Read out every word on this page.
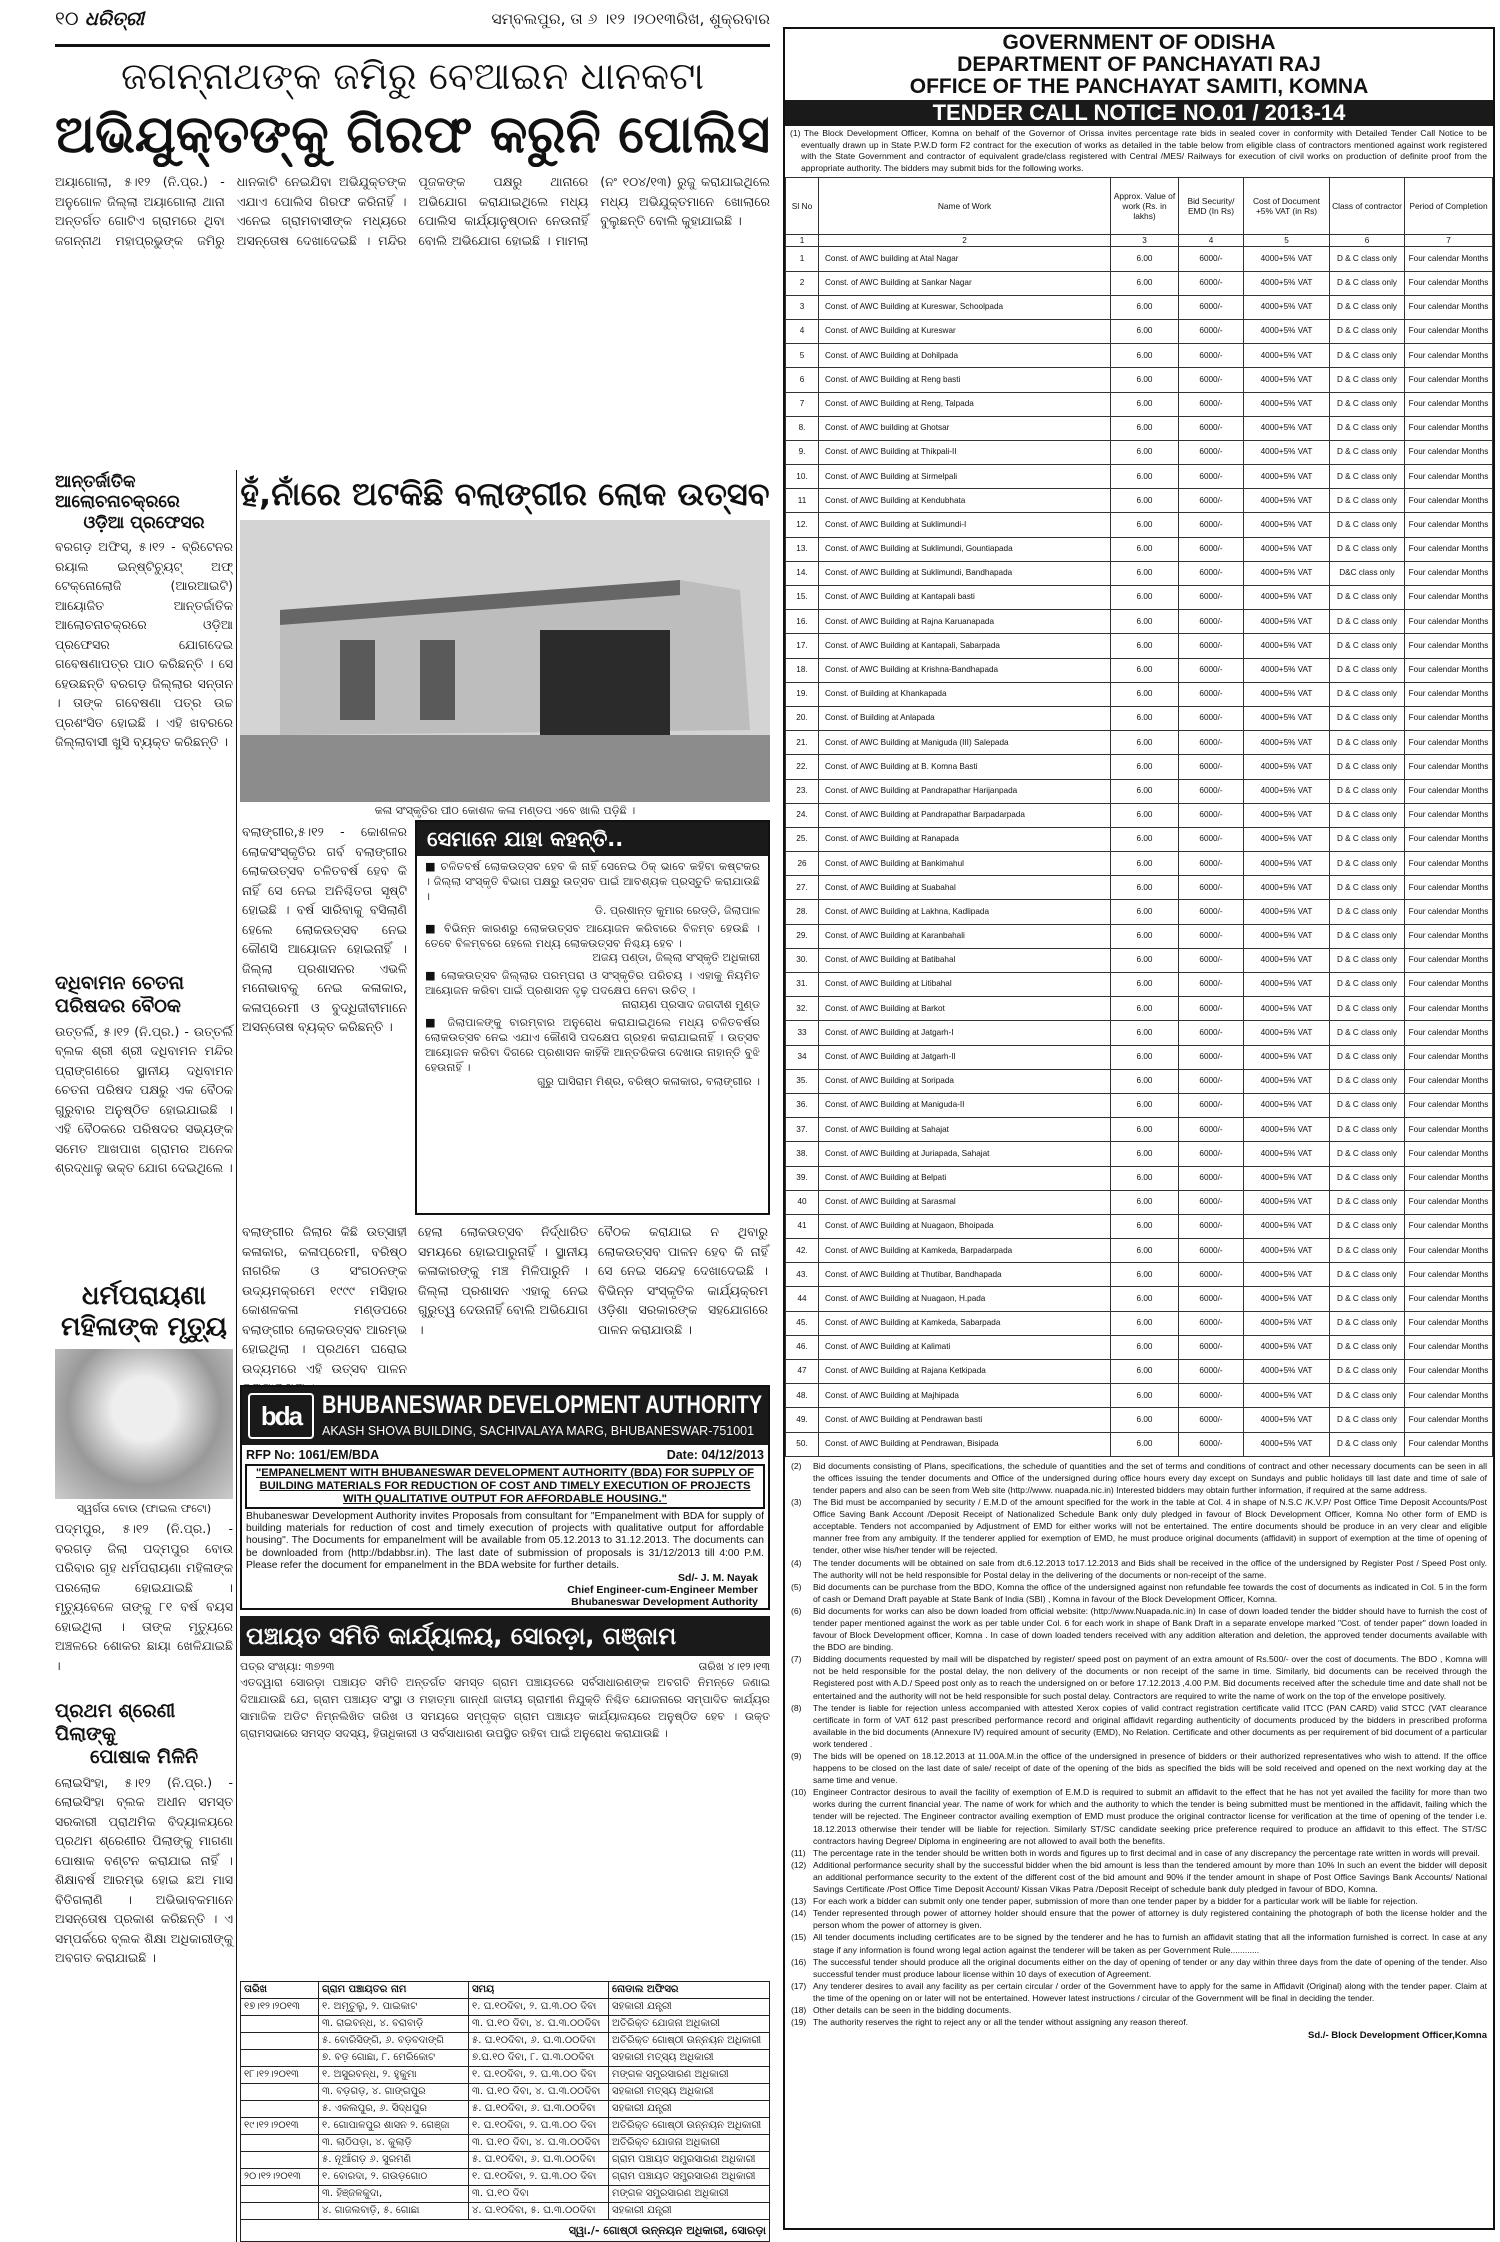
୧୦ ଧରିତ୍ରୀ	ସମ୍ବଲପୁର, ତା ୬ ।୧୨ ।୨୦୧୩ରିଖ, ଶୁକ୍ରବାର
ଜଗନ୍ନାଥଙ୍କ ଜମିରୁ ବେଆଇନ ଧାନକଟା
ଅଭିଯୁକ୍ତଙ୍କୁ ଗିରଫ କରୁନି ପୋଲିସ
ଅୟାଗୋଲା, ୫।୧୨ (ନି.ପ୍ର.) - ଅନୁଗୋଳ ଜିଲ୍ଲା ଅୟାଗୋଲା ଥାନା ଅନ୍ତର୍ଗତ ଗୋଟିଏ ଗ୍ରାମରେ ଥିବା ଜଗନ୍ନାଥ ମହାପ୍ରଭୁଙ୍କ ଜମିରୁ ଧାନକାଟି ନେଇଯିବା ଅଭିଯୁକ୍ତଙ୍କ ଏଯାଏ ପୋଲିସ ଗିରଫ କରିନାହିଁ । ଏନେଇ ଗ୍ରାମବାସୀଙ୍କ ମଧ୍ୟରେ ଅସନ୍ତୋଷ ଦେଖାଦେଇଛି । ମନ୍ଦିର ପୂଜକଙ୍କ ପକ୍ଷରୁ ଥାନାରେ ଅଭିଯୋଗ କରାଯାଇଥିଲେ ମଧ୍ୟ ପୋଲିସ କାର୍ଯ୍ୟାନୁଷ୍ଠାନ ନେଉନାହିଁ ବୋଲି ଅଭିଯୋଗ ହୋଇଛି । ମାମଲା (ନଂ ୧୦୪/୧୩) ରୁଜୁ କରାଯାଇଥିଲେ ମଧ୍ୟ ଅଭିଯୁକ୍ତମାନେ ଖୋଲାରେ ବୁଲୁଛନ୍ତି ବୋଲି କୁହାଯାଇଛି ।
ଆନ୍ତର୍ଜାତିକ ଆଲୋଚନାଚକ୍ରରେ
ଓଡ଼ିଆ ପ୍ରଫେସର
ବରଗଡ଼ ଅଫିସ୍, ୫।୧୨ - ବ୍ରିଟେନର ରୟାଲ ଇନ୍‌ଷ୍ଟିଚ୍ୟୁଟ୍ ଅଫ୍ ଟେକ୍ନୋଲୋଜି (ଆରଆଇଟି) ଆୟୋଜିତ ଆନ୍ତର୍ଜାତିକ ଆଲୋଚନାଚକ୍ରରେ ଓଡ଼ିଆ ପ୍ରଫେସର ଯୋଗଦେଇ ଗବେଷଣାପତ୍ର ପାଠ କରିଛନ୍ତି । ସେ ହେଉଛନ୍ତି ବରଗଡ଼ ଜିଲ୍ଲାର ସନ୍ତାନ । ତାଙ୍କ ଗବେଷଣା ପତ୍ର ଉଚ୍ଚ ପ୍ରଶଂସିତ ହୋଇଛି । ଏହି ଖବରରେ ଜିଲ୍ଲାବାସୀ ଖୁସି ବ୍ୟକ୍ତ କରିଛନ୍ତି ।
ଦଧିବାମନ ଚେତନା ପରିଷଦର ବୈଠକ
ଉତ୍ତର୍ଲି, ୫।୧୨ (ନି.ପ୍ର.) - ଉତ୍ତର୍ଲି ବ୍ଲକ ଶ୍ରୀ ଶ୍ରୀ ଦଧିବାମନ ମନ୍ଦିର ପ୍ରାଙ୍ଗଣରେ ସ୍ଥାନୀୟ ଦଧିବାମନ ଚେତନା ପରିଷଦ ପକ୍ଷରୁ ଏକ ବୈଠକ ଗୁରୁବାର ଅନୁଷ୍ଠିତ ହୋଇଯାଇଛି । ଏହି ବୈଠକରେ ପରିଷଦର ସଭ୍ୟଙ୍କ ସମେତ ଆଖପାଖ ଗ୍ରାମର ଅନେକ ଶ୍ରଦ୍ଧାଳୁ ଭକ୍ତ ଯୋଗ ଦେଇଥିଲେ ।
ଧର୍ମପରାୟଣା ମହିଳାଙ୍କ ମୃତ୍ୟୁ
ସ୍ୱର୍ଗତା ବୋଉ (ଫାଇଲ ଫଟୋ)
ପଦ୍ମପୁର, ୫।୧୨ (ନି.ପ୍ର.) - ବରଗଡ଼ ଜିଲା ପଦ୍ମପୁର ବୋଉ ପରିବାର ଗୃହ ଧର୍ମପରାୟଣା ମହିଳାଙ୍କ ପରଲୋକ ହୋଇଯାଇଛି । ମୃତ୍ୟୁବେଳେ ତାଙ୍କୁ ୮୧ ବର୍ଷ ବୟସ ହୋଇଥିଲା । ତାଙ୍କ ମୃତ୍ୟୁରେ ଅଞ୍ଚଳରେ ଶୋକର ଛାୟା ଖେଳିଯାଇଛି ।
ପ୍ରଥମ ଶ୍ରେଣୀ ପିଲାଙ୍କୁ
ପୋଷାକ ମିଳିନି
ଲୋଇସିଂହା, ୫।୧୨ (ନି.ପ୍ର.) - ଲୋଇସିଂହା ବ୍ଲକ ଅଧୀନ ସମସ୍ତ ସରକାରୀ ପ୍ରାଥମିକ ବିଦ୍ୟାଳୟରେ ପ୍ରଥମ ଶ୍ରେଣୀର ପିଲାଙ୍କୁ ମାଗଣା ପୋଷାକ ବଣ୍ଟନ କରାଯାଇ ନାହିଁ । ଶିକ୍ଷାବର୍ଷ ଆରମ୍ଭ ହୋଇ ଛଅ ମାସ ବିତିଗଲାଣି । ଅଭିଭାବକମାନେ ଅସନ୍ତୋଷ ପ୍ରକାଶ କରିଛନ୍ତି । ଏ ସମ୍ପର୍କରେ ବ୍ଲକ ଶିକ୍ଷା ଅଧିକାରୀଙ୍କୁ ଅବଗତ କରାଯାଇଛି ।
ହଁ,ନାଁରେ ଅଟକିଛି ବଲାଙ୍ଗୀର ଲୋକ ଉତ୍ସବ
କଳା ସଂସ୍କୃତିର ପୀଠ କୋଶଳ କଳା ମଣ୍ଡପ ଏବେ ଖାଲି ପଡ଼ିଛି ।
ବଲାଙ୍ଗୀର,୫।୧୨ - କୋଶଳର ଲୋକସଂସ୍କୃତିର ଗର୍ବ ବଲାଙ୍ଗୀର ଲୋକଉତ୍ସବ ଚଳିତବର୍ଷ ହେବ କି ନାହିଁ ସେ ନେଇ ଅନିଶ୍ଚିତତା ସୃଷ୍ଟି ହୋଇଛି । ବର୍ଷ ସାରିବାକୁ ବସିଲାଣି ହେଲେ ଲୋକଉତ୍ସବ ନେଇ କୌଣସି ଆୟୋଜନ ହୋଇନାହିଁ । ଜିଲ୍ଲା ପ୍ରଶାସନର ଏଭଳି ମନୋଭାବକୁ ନେଇ କଳାକାର, କଳାପ୍ରେମୀ ଓ ବୁଦ୍ଧିଜୀବୀମାନେ ଅସନ୍ତୋଷ ବ୍ୟକ୍ତ କରିଛନ୍ତି ।
ବଲାଙ୍ଗୀର ଜିଲାର କିଛି ଉତ୍ସାହୀ କଳାକାର, କଳାପ୍ରେମୀ, ବରିଷ୍ଠ ନାଗରିକ ଓ ସଂଗଠନଙ୍କ ଉଦ୍ୟମକ୍ରମେ ୧୯୯୯ ମସିହାର କୋଶଳକଳା ମଣ୍ଡପରେ ବଲାଙ୍ଗୀର ଲୋକଉତ୍ସବ ଆରମ୍ଭ ହୋଇଥିଲା । ପ୍ରଥମେ ଘରୋଇ ଉଦ୍ୟମରେ ଏହି ଉତ୍ସବ ପାଳନ
ହେଲା ଲୋକଉତ୍ସବ ନିର୍ଦ୍ଧାରିତ ସମୟରେ ହୋଇପାରୁନାହିଁ । ସ୍ଥାନୀୟ କଳାକାରଙ୍କୁ ମଞ୍ଚ ମିଳିପାରୁନି । ଜିଲ୍ଲା ପ୍ରଶାସନ ଏହାକୁ ନେଇ ଗୁରୁତ୍ୱ ଦେଉନାହିଁ ବୋଲି ଅଭିଯୋଗ ।
ବୈଠକ କରାଯାଇ ନ ଥିବାରୁ ଲୋକଉତ୍ସବ ପାଳନ ହେବ କି ନାହିଁ ସେ ନେଇ ସନ୍ଦେହ ଦେଖାଦେଇଛି । ବିଭିନ୍ନ ସଂସ୍କୃତିକ କାର୍ଯ୍ୟକ୍ରମ ଓଡ଼ିଶା ସରକାରଙ୍କ ସହଯୋଗରେ ପାଳନ କରାଯାଉଛି ।
ସେମାନେ ଯାହା କହନ୍ତି..
■ ଚଳିତବର୍ଷ ଲୋକଉତ୍ସବ ହେବ କି ନାହିଁ ସେନେଇ ଠିକ୍ ଭାବେ କହିବା କଷ୍ଟକର । ଜିଲ୍ଲା ସଂସ୍କୃତି ବିଭାଗ ପକ୍ଷରୁ ଉତ୍ସବ ପାଇଁ ଆବଶ୍ୟକ ପ୍ରସ୍ତୁତି କରାଯାଉଛି ।
ଡି. ପ୍ରଶାନ୍ତ କୁମାର ରେଡ୍ଡି, ଜିଲାପାଳ
■ ବିଭିନ୍ନ କାରଣରୁ ଲୋକଉତ୍ସବ ଆୟୋଜନ କରିବାରେ ବିଳମ୍ବ ହେଉଛି । ତେବେ ବିଳମ୍ବରେ ହେଲେ ମଧ୍ୟ ଲୋକଉତ୍ସବ ନିଶ୍ଚୟ ହେବ ।
ଅଜୟ ପଣ୍ଡା, ଜିଲ୍ଲା ସଂସ୍କୃତି ଅଧିକାରୀ
■ ଲୋକଉତ୍ସବ ଜିଲ୍ଲାର ପରମ୍ପରା ଓ ସଂସ୍କୃତିର ପରିଚୟ । ଏହାକୁ ନିୟମିତ ଆୟୋଜନ କରିବା ପାଇଁ ପ୍ରଶାସନ ଦୃଢ଼ ପଦକ୍ଷେପ ନେବା ଉଚିତ୍ ।
ନାରାୟଣ ପ୍ରସାଦ ଜଗଦୀଶ ମୁଣ୍ଡ
■ ଜିଲାପାଳଙ୍କୁ ବାରମ୍ବାର ଅନୁରୋଧ କରାଯାଇଥିଲେ ମଧ୍ୟ ଚଳିତବର୍ଷର ଲୋକଉତ୍ସବ ନେଇ ଏଯାଏ କୌଣସି ପଦକ୍ଷେପ ଗ୍ରହଣ କରାଯାଇନାହିଁ । ଉତ୍ସବ ଆୟୋଜନ କରିବା ଦିଗରେ ପ୍ରଶାସନ କାହିଁକି ଆନ୍ତରିକତା ଦେଖାଉ ନାହାନ୍ତି ବୁଝି ହେଉନାହିଁ ।
ଗୁରୁ ଘାସିରାମ ମିଶ୍ର, ବରିଷ୍ଠ କଳାକାର, ବଲାଙ୍ଗୀର ।
bda BHUBANESWAR DEVELOPMENT AUTHORITY
AKASH SHOVA BUILDING, SACHIVALAYA MARG, BHUBANESWAR-751001
RFP No: 1061/EM/BDA	Date: 04/12/2013
"EMPANELMENT WITH BHUBANESWAR DEVELOPMENT AUTHORITY (BDA) FOR SUPPLY OF BUILDING MATERIALS FOR REDUCTION OF COST AND TIMELY EXECUTION OF PROJECTS WITH QUALITATIVE OUTPUT FOR AFFORDABLE HOUSING."
Bhubaneswar Development Authority invites Proposals from consultant for "Empanelment with BDA for supply of building materials for reduction of cost and timely execution of projects with qualitative output for affordable housing". The Documents for empanelment will be available from 05.12.2013 to 31.12.2013. The documents can be downloaded from (http://bdabbsr.in). The last date of submission of proposals is 31/12/2013 till 4:00 P.M. Please refer the document for empanelment in the BDA website for further details.
Sd/- J. M. Nayak
Chief Engineer-cum-Engineer Member
Bhubaneswar Development Authority
ପଞ୍ଚାୟତ ସମିତି କାର୍ଯ୍ୟାଳୟ, ସୋରଡ଼ା, ଗଞ୍ଜାମ
ପତ୍ର ସଂଖ୍ୟା: ୩୭୨୩	ତାରିଖ ୪।୧୨।୧୩
ଏତଦ୍ୱାରା ସୋରଡ଼ା ପଞ୍ଚାୟତ ସମିତି ଅନ୍ତର୍ଗତ ସମସ୍ତ ଗ୍ରାମ ପଞ୍ଚାୟତରେ ସର୍ବସାଧାରଣଙ୍କ ଅବଗତି ନିମନ୍ତେ ଜଣାଇ ଦିଆଯାଉଛି ଯେ, ଗ୍ରାମ ପଞ୍ଚାୟତ ସଂସ୍ଥା ଓ ମହାତ୍ମା ଗାନ୍ଧୀ ଜାତୀୟ ଗ୍ରାମୀଣ ନିଯୁକ୍ତି ନିଶ୍ଚିତ ଯୋଜନାରେ ସମ୍ପାଦିତ କାର୍ଯ୍ୟର ସାମାଜିକ ଅଡିଟ ନିମ୍ନଲିଖିତ ତାରିଖ ଓ ସମୟରେ ସମ୍ପୃକ୍ତ ଗ୍ରାମ ପଞ୍ଚାୟତ କାର୍ଯ୍ୟାଳୟରେ ଅନୁଷ୍ଠିତ ହେବ । ଉକ୍ତ ଗ୍ରାମସଭାରେ ସମସ୍ତ ସଦସ୍ୟ, ହିତାଧିକାରୀ ଓ ସର୍ବସାଧାରଣ ଉପସ୍ଥିତ ରହିବା ପାଇଁ ଅନୁରୋଧ କରାଯାଉଛି ।
ତାରିଖ	ଗ୍ରାମ ପଞ୍ଚାୟତର ନାମ	ସମୟ	ନୋଡାଲ ଅଫିସର
୧୭।୧୨।୨୦୧୩	୧. ଅମୃତୁଲୁ, ୨. ପାଇକାଟ	୧. ଘ.୧୦ଦିବା, ୨. ଘ.୩.୦୦ ଦିବା	ସହକାରୀ ଯନ୍ତ୍ରୀ
	୩. ରାଇବନ୍ଧ, ୪. ବରାବାଡ଼ି	୩. ଘ.୧୦ ଦିବା, ୪. ଘ.୩.୦୦ଦିବା	ଅତିରିକ୍ତ ଯୋଜନା ଅଧିକାରୀ
	୫. ବୋରିସିଙ୍ଗି, ୬. ବଡ଼ବଦାଙ୍ଗି	୫. ଘ.୧୦ଦିବା, ୬. ଘ.୩.୦୦ଦିବା	ଅତିରିକ୍ତ ଗୋଷ୍ଠୀ ଉନ୍ନୟନ ଅଧିକାରୀ
	୭. ବଡ଼ ଗୋଛା, ୮. ମେରିକୋଟ	୭.ଘ.୧୦ ଦିବା, ୮. ଘ.୩.୦୦ଦିବା	ସହକାରୀ ମତ୍ସ୍ୟ ଅଧିକାରୀ
୧୮।୧୨।୨୦୧୩	୧. ଅସୁରବନ୍ଧ, ୨. ହୁକୁମା	୧. ଘ.୧୦ଦିବା, ୨. ଘ.୩.୦୦ ଦିବା	ମଙ୍ଗଳ ସମ୍ପ୍ରସାରଣ ଅଧିକାରୀ
	୩. ବଡ଼ଗଡ଼, ୪. ଗାଙ୍ଗପୁର	୩. ଘ.୧୦ ଦିବା, ୪. ଘ.୩.୦୦ଦିବା	ସହକାରୀ ମତ୍ସ୍ୟ ଅଧିକାରୀ
	୫. ଏକଲପୁର, ୬. ସିଦ୍ଧପୁର	୫. ଘ.୧୦ଦିବା, ୬. ଘ.୩.୦୦ଦିବା	ସହକାରୀ ଯନ୍ତ୍ରୀ
୧୯।୧୨।୨୦୧୩	୧. ଗୋପାଳପୁର ଶାସନ ୨. ଗେଞ୍ଜା	୧. ଘ.୧୦ଦିବା, ୨. ଘ.୩.୦୦ ଦିବା	ଅତିରିକ୍ତ ଗୋଷ୍ଠୀ ଉନ୍ନୟନ ଅଧିକାରୀ
	୩. ଲାଠିପଡ଼ା, ୪. କୁଲାଡ଼ି	୩. ଘ.୧୦ ଦିବା, ୪. ଘ.୩.୦୦ଦିବା	ଅତିରିକ୍ତ ଯୋଜନା ଅଧିକାରୀ
	୫. ନୂଆଁଗଡ଼ ୬. ସୁରମଣି	୫. ଘ.୧୦ଦିବା, ୬. ଘ.୩.୦୦ଦିବା	ଗ୍ରାମ ପଞ୍ଚାୟତ ସମ୍ପ୍ରସାରଣ ଅଧିକାରୀ
୨୦।୧୨।୨୦୧୩	୧. ବୋରଦା, ୨. ଗଉଡ଼ଗୋଠ	୧. ଘ.୧୦ଦିବା, ୨. ଘ.୩.୦୦ ଦିବା	ଗ୍ରାମ ପଞ୍ଚାୟତ ସମ୍ପ୍ରସାରଣ ଅଧିକାରୀ
	୩. ହିଞ୍ଜଳକୁଦା,	୩. ଘ.୧୦ ଦିବା	ମଙ୍ଗଳ ସମ୍ପ୍ରସାରଣ ଅଧିକାରୀ
	୪. ଗାଜଲବାଡ଼ି, ୫. ଗୋଛା	୪. ଘ.୧୦ଦିବା, ୫. ଘ.୩.୦୦ଦିବା	ସହକାରୀ ଯନ୍ତ୍ରୀ
ସ୍ୱା./- ଗୋଷ୍ଠୀ ଉନ୍ନୟନ ଅଧିକାରୀ, ସୋରଡ଼ା
GOVERNMENT OF ODISHA
DEPARTMENT OF PANCHAYATI RAJ
OFFICE OF THE PANCHAYAT SAMITI, KOMNA
TENDER CALL NOTICE NO.01 / 2013-14
(1) The Block Development Officer, Komna on behalf of the Governor of Orissa invites percentage rate bids in sealed cover in conformity with Detailed Tender Call Notice to be eventually drawn up in State P.W.D form F2 contract for the execution of works as detailed in the table below from eligible class of contractors mentioned against work registered with the State Government and contractor of equivalent grade/class registered with Central /MES/ Railways for execution of civil works on production of definite proof from the appropriate authority. The bidders may submit bids for the following works.
Sl No	Name of Work	Approx. Value of work (Rs. in lakhs)	Bid Security/ EMD (In Rs)	Cost of Document +5% VAT (in Rs)	Class of contractor	Period of Completion
1	2	3	4	5	6	7
1	Const. of AWC building at Atal Nagar	6.00	6000/-	4000+5% VAT	D & C class only	Four calendar Months
2	Const. of AWC Building at Sankar Nagar	6.00	6000/-	4000+5% VAT	D & C class only	Four calendar Months
3	Const. of AWC Building at Kureswar, Schoolpada	6.00	6000/-	4000+5% VAT	D & C class only	Four calendar Months
4	Const. of AWC Building at Kureswar	6.00	6000/-	4000+5% VAT	D & C class only	Four calendar Months
5	Const. of AWC Building at Dohilpada	6.00	6000/-	4000+5% VAT	D & C class only	Four calendar Months
6	Const. of AWC Building at Reng basti	6.00	6000/-	4000+5% VAT	D & C class only	Four calendar Months
7	Const. of AWC Building at Reng, Talpada	6.00	6000/-	4000+5% VAT	D & C class only	Four calendar Months
8.	Const. of AWC building at Ghotsar	6.00	6000/-	4000+5% VAT	D & C class only	Four calendar Months
9.	Const. of AWC Building at Thikpali-II	6.00	6000/-	4000+5% VAT	D & C class only	Four calendar Months
10.	Const. of AWC Building at Sirmelpali	6.00	6000/-	4000+5% VAT	D & C class only	Four calendar Months
11	Const. of AWC Building at Kendubhata	6.00	6000/-	4000+5% VAT	D & C class only	Four calendar Months
12.	Const. of AWC Building at Suklimundi-I	6.00	6000/-	4000+5% VAT	D & C class only	Four calendar Months
13.	Const. of AWC Building at Suklimundi, Gountiapada	6.00	6000/-	4000+5% VAT	D & C class only	Four calendar Months
14.	Const. of AWC Building at Suklimundi, Bandhapada	6.00	6000/-	4000+5% VAT	D&C class only	Four calendar Months
15.	Const. of AWC Building at Kantapali basti	6.00	6000/-	4000+5% VAT	D & C class only	Four calendar Months
16.	Const. of AWC Building at Rajna Karuanapada	6.00	6000/-	4000+5% VAT	D & C class only	Four calendar Months
17.	Const. of AWC Building at Kantapali, Sabarpada	6.00	6000/-	4000+5% VAT	D & C class only	Four calendar Months
18.	Const. of AWC Building at Krishna-Bandhapada	6.00	6000/-	4000+5% VAT	D & C class only	Four calendar Months
19.	Const. of Building at Khankapada	6.00	6000/-	4000+5% VAT	D & C class only	Four calendar Months
20.	Const. of Building at Anlapada	6.00	6000/-	4000+5% VAT	D & C class only	Four calendar Months
21.	Const. of AWC Building at Maniguda (III) Salepada	6.00	6000/-	4000+5% VAT	D & C class only	Four calendar Months
22.	Const. of AWC Building at B. Komna Basti	6.00	6000/-	4000+5% VAT	D & C class only	Four calendar Months
23.	Const. of AWC Building at Pandrapathar Harijanpada	6.00	6000/-	4000+5% VAT	D & C class only	Four calendar Months
24.	Const. of AWC Building at Pandrapathar Barpadarpada	6.00	6000/-	4000+5% VAT	D & C class only	Four calendar Months
25.	Const. of AWC Building at Ranapada	6.00	6000/-	4000+5% VAT	D & C class only	Four calendar Months
26	Const. of AWC Building at Bankimahul	6.00	6000/-	4000+5% VAT	D & C class only	Four calendar Months
27.	Const. of AWC Building at Suabahal	6.00	6000/-	4000+5% VAT	D & C class only	Four calendar Months
28.	Const. of AWC Building at Lakhna, Kadlipada	6.00	6000/-	4000+5% VAT	D & C class only	Four calendar Months
29.	Const. of AWC Building at Karanbahali	6.00	6000/-	4000+5% VAT	D & C class only	Four calendar Months
30.	Const. of AWC Building at Batibahal	6.00	6000/-	4000+5% VAT	D & C class only	Four calendar Months
31.	Const. of AWC Building at Litibahal	6.00	6000/-	4000+5% VAT	D & C class only	Four calendar Months
32.	Const. of AWC Building at Barkot	6.00	6000/-	4000+5% VAT	D & C class only	Four calendar Months
33	Const. of AWC Building at Jatgarh-I	6.00	6000/-	4000+5% VAT	D & C class only	Four calendar Months
34	Const. of AWC Building at Jatgarh-II	6.00	6000/-	4000+5% VAT	D & C class only	Four calendar Months
35.	Const. of AWC Building at Soripada	6.00	6000/-	4000+5% VAT	D & C class only	Four calendar Months
36.	Const. of AWC Building at Maniguda-II	6.00	6000/-	4000+5% VAT	D & C class only	Four calendar Months
37.	Const. of AWC Building at Sahajat	6.00	6000/-	4000+5% VAT	D & C class only	Four calendar Months
38.	Const. of AWC Building at Juriapada, Sahajat	6.00	6000/-	4000+5% VAT	D & C class only	Four calendar Months
39.	Const. of AWC Building at Belpati	6.00	6000/-	4000+5% VAT	D & C class only	Four calendar Months
40	Const. of AWC Building at Sarasmal	6.00	6000/-	4000+5% VAT	D & C class only	Four calendar Months
41	Const. of AWC Building at Nuagaon, Bhoipada	6.00	6000/-	4000+5% VAT	D & C class only	Four calendar Months
42.	Const. of AWC Building at Kamkeda, Barpadarpada	6.00	6000/-	4000+5% VAT	D & C class only	Four calendar Months
43.	Const. of AWC Building at Thutibar, Bandhapada	6.00	6000/-	4000+5% VAT	D & C class only	Four calendar Months
44	Const. of AWC Building at Nuagaon, H.pada	6.00	6000/-	4000+5% VAT	D & C class only	Four calendar Months
45.	Const. of AWC Building at Kamkeda, Sabarpada	6.00	6000/-	4000+5% VAT	D & C class only	Four calendar Months
46.	Const. of AWC Building at Kalimati	6.00	6000/-	4000+5% VAT	D & C class only	Four calendar Months
47	Const. of AWC Building at Rajana Ketkipada	6.00	6000/-	4000+5% VAT	D & C class only	Four calendar Months
48.	Const. of AWC Building at Majhipada	6.00	6000/-	4000+5% VAT	D & C class only	Four calendar Months
49.	Const. of AWC Building at Pendrawan basti	6.00	6000/-	4000+5% VAT	D & C class only	Four calendar Months
50.	Const. of AWC Building at Pendrawan, Bisipada	6.00	6000/-	4000+5% VAT	D & C class only	Four calendar Months
(2)	Bid documents consisting of Plans, specifications, the schedule of quantities and the set of terms and conditions of contract and other necessary documents can be seen in all the offices issuing the tender documents and Office of the undersigned during office hours every day except on Sundays and public holidays till last date and time of sale of tender papers and also can be seen from Web site (http://www. nuapada.nic.in) Interested bidders may obtain further information, if required at the same address.
(3)	The Bid must be accompanied by security / E.M.D of the amount specified for the work in the table at Col. 4 in shape of N.S.C /K.V.P/ Post Office Time Deposit Accounts/Post Office Saving Bank Account /Deposit Receipt of Nationalized Schedule Bank only duly pledged in favour of Block Development Officer, Komna No other form of EMD is acceptable. Tenders not accompanied by Adjustment of EMD for either works will not be entertained. The entire documents should be produce in an very clear and eligible manner free from any ambiguity. If the tenderer applied for exemption of EMD, he must produce original documents (affidavit) in support of exemption at the time of opening of tender, other wise his/her tender will be rejected.
(4)	The tender documents will be obtained on sale from dt.6.12.2013 to17.12.2013 and Bids shall be received in the office of the undersigned by Register Post / Speed Post only. The authority will not be held responsible for Postal delay in the delivering of the documents or non-receipt of the same.
(5)	Bid documents can be purchase from the BDO, Komna the office of the undersigned against non refundable fee towards the cost of documents as indicated in Col. 5 in the form of cash or Demand Draft payable at State Bank of India (SBI) , Komna in favour of the Block Development Officer, Komna.
(6)	Bid documents for works can also be down loaded from official website: (http://www.Nuapada.nic.in) In case of down loaded tender the bidder should have to furnish the cost of tender paper mentioned against the work as per table under Col. 6 for each work in shape of Bank Draft in a separate envelope marked "Cost. of tender paper" down loaded in favour of Block Development officer, Komna . In case of down loaded tenders received with any addition alteration and deletion, the approved tender documents available with the BDO are binding.
(7)	Bidding documents requested by mail will be dispatched by register/ speed post on payment of an extra amount of Rs.500/- over the cost of documents. The BDO , Komna will not be held responsible for the postal delay, the non delivery of the documents or non receipt of the same in time. Similarly, bid documents can be received through the Registered post with A.D./ Speed post only as to reach the undersigned on or before 17.12.2013 ,4.00 P.M. Bid documents received after the schedule time and date shall not be entertained and the authority will not be held responsible for such postal delay. Contractors are required to write the name of work on the top of the envelope positively.
(8)	The tender is liable for rejection unless accompanied with attested Xerox copies of valid contract registration certificate valid ITCC (PAN CARD) valid STCC (VAT clearance certificate in form of VAT 612 past prescribed performance record and original affidavit regarding authenticity of documents produced by the bidders in prescribed proforma available in the bid documents (Annexure IV) required amount of security (EMD), No Relation. Certificate and other documents as per requirement of bid document of a particular work tendered .
(9)	The bids will be opened on 18.12.2013 at 11.00A.M.in the office of the undersigned in presence of bidders or their authorized representatives who wish to attend. If the office happens to be closed on the last date of sale/ receipt of date of the opening of the bids as specified the bids will be sold received and opened on the next working day at the same time and venue.
(10) Engineer Contractor desirous to avail the facility of exemption of E.M.D is required to submit an affidavit to the effect that he has not yet availed the facility for more than two works during the current financial year. The name of work for which and the authority to which the tender is being submitted must be mentioned in the affidavit, failing which the tender will be rejected. The Engineer contractor availing exemption of EMD must produce the original contractor license for verification at the time of opening of the tender i.e. 18.12.2013 otherwise their tender will be liable for rejection. Similarly ST/SC candidate seeking price preference required to produce an affidavit to this effect. The ST/SC contractors having Degree/ Diploma in engineering are not allowed to avail both the benefits.
(11) The percentage rate in the tender should be written both in words and figures up to first decimal and in case of any discrepancy the percentage rate written in words will prevail.
(12) Additional performance security shall by the successful bidder when the bid amount is less than the tendered amount by more than 10% In such an event the bidder will deposit an additional performance security to the extent of the different cost of the bid amount and 90% if the tender amount in shape of Post Office Savings Bank Accounts/ National Savings Certificate /Post Office Time Deposit Account/ Kissan Vikas Patra /Deposit Receipt of schedule bank duly pledged in favour of BDO, Komna.
(13) For each work a bidder can submit only one tender paper, submission of more than one tender paper by a bidder for a particular work will be liable for rejection.
(14) Tender represented through power of attorney holder should ensure that the power of attorney is duly registered containing the photograph of both the license holder and the person whom the power of attorney is given.
(15) All tender documents including certificates are to be signed by the tenderer and he has to furnish an affidavit stating that all the information furnished is correct. In case at any stage if any information is found wrong legal action against the tenderer will be taken as per Government Rule............
(16) The successful tender should produce all the original documents either on the day of opening of tender or any day within three days from the date of opening of the tender. Also successful tender must produce labour license within 10 days of execution of Agreement.
(17) Any tenderer desires to avail any facility as per certain circular / order of the Government have to apply for the same in Affidavit (Original) along with the tender paper. Claim at the time of the opening on or later will not be entertained. However latest instructions / circular of the Government will be final in deciding the tender.
(18) Other details can be seen in the bidding documents.
(19) The authority reserves the right to reject any or all the tender without assigning any reason thereof.
Sd./- Block Development Officer,Komna
